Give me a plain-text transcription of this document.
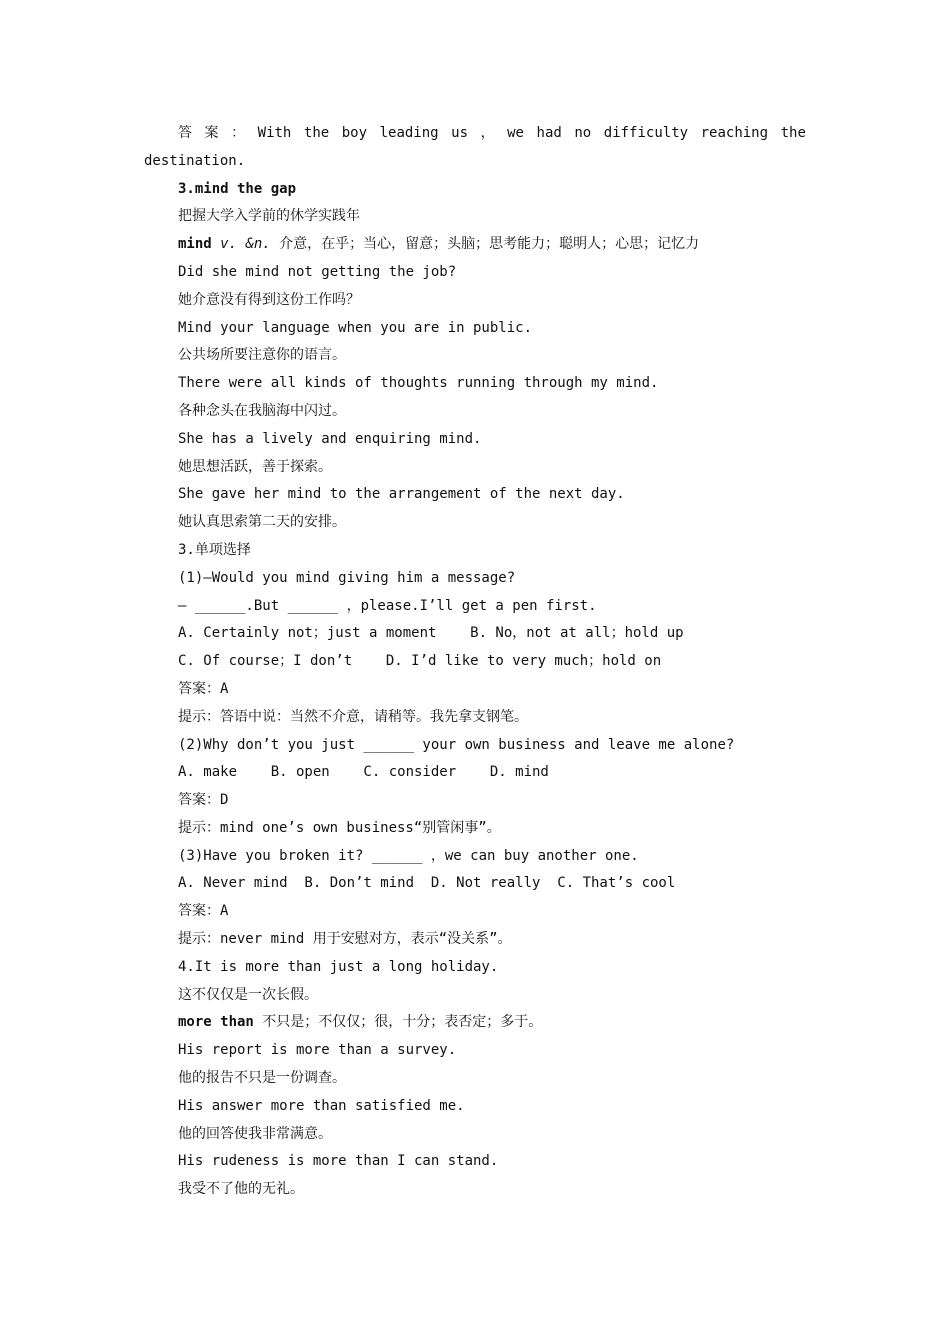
答 案 ： With the boy leading us ， we had no difficulty reaching the
destination.
3.mind the gap
把握大学入学前的休学实践年
mind v. &n. 介意，在乎；当心，留意；头脑；思考能力；聪明人；心思；记忆力
Did she mind not getting the job?
她介意没有得到这份工作吗？
Mind your language when you are in public.
公共场所要注意你的语言。
There were all kinds of thoughts running through my mind.
各种念头在我脑海中闪过。
She has a lively and enquiring mind.
她思想活跃，善于探索。
She gave her mind to the arrangement of the next day.
她认真思索第二天的安排。
3.单项选择
(1)—Would you mind giving him a message?
— ______.But ______ ，please.I’ll get a pen first.
A. Certainly not；just a moment    B. No，not at all；hold up
C. Of course；I don’t    D. I’d like to very much；hold on
答案：A
提示：答语中说：当然不介意，请稍等。我先拿支钢笔。
(2)Why don’t you just ______ your own business and leave me alone?
A. make    B. open    C. consider    D. mind
答案：D
提示：mind one’s own business“别管闲事”。
(3)Have you broken it? ______ ，we can buy another one.
A. Never mind  B. Don’t mind  D. Not really  C. That’s cool
答案：A
提示：never mind 用于安慰对方，表示“没关系”。
4.It is more than just a long holiday.
这不仅仅是一次长假。
more than 不只是；不仅仅；很，十分；表否定；多于。
His report is more than a survey.
他的报告不只是一份调查。
His answer more than satisfied me.
他的回答使我非常满意。
His rudeness is more than I can stand.
我受不了他的无礼。
